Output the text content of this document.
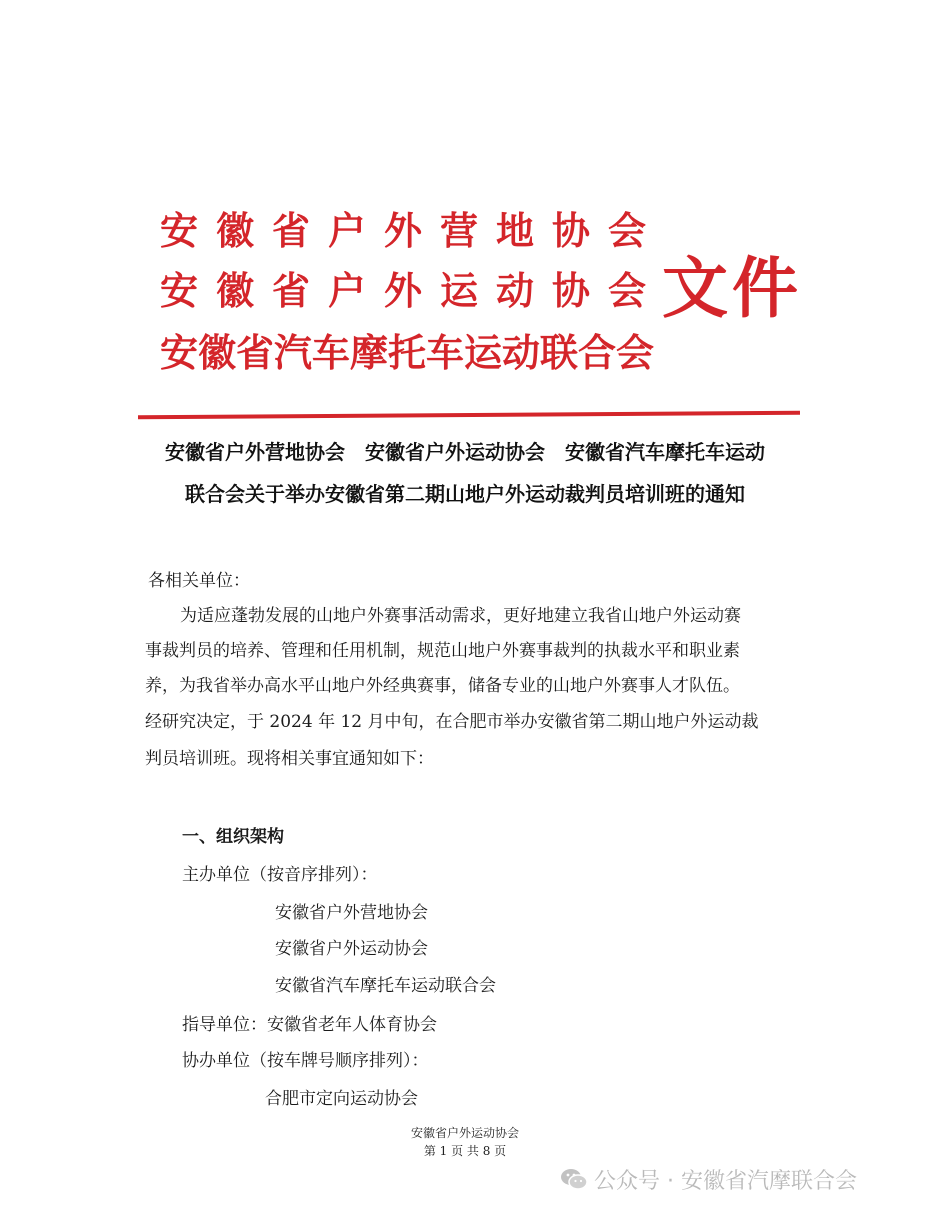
安徽省户外营地协会
安徽省户外运动协会
安徽省汽车摩托车运动联合会
文件
安徽省户外营地协会　安徽省户外运动协会　安徽省汽车摩托车运动
联合会关于举办安徽省第二期山地户外运动裁判员培训班的通知
各相关单位：
为适应蓬勃发展的山地户外赛事活动需求，更好地建立我省山地户外运动赛
事裁判员的培养、管理和任用机制，规范山地户外赛事裁判的执裁水平和职业素
养，为我省举办高水平山地户外经典赛事，储备专业的山地户外赛事人才队伍。
经研究决定，于 2024 年 12 月中旬，在合肥市举办安徽省第二期山地户外运动裁
判员培训班。现将相关事宜通知如下：
一、组织架构
主办单位（按音序排列）：
安徽省户外营地协会
安徽省户外运动协会
安徽省汽车摩托车运动联合会
指导单位：安徽省老年人体育协会
协办单位（按车牌号顺序排列）：
合肥市定向运动协会
安徽省户外运动协会
第 1 页 共 8 页
公众号 · 安徽省汽摩联合会
